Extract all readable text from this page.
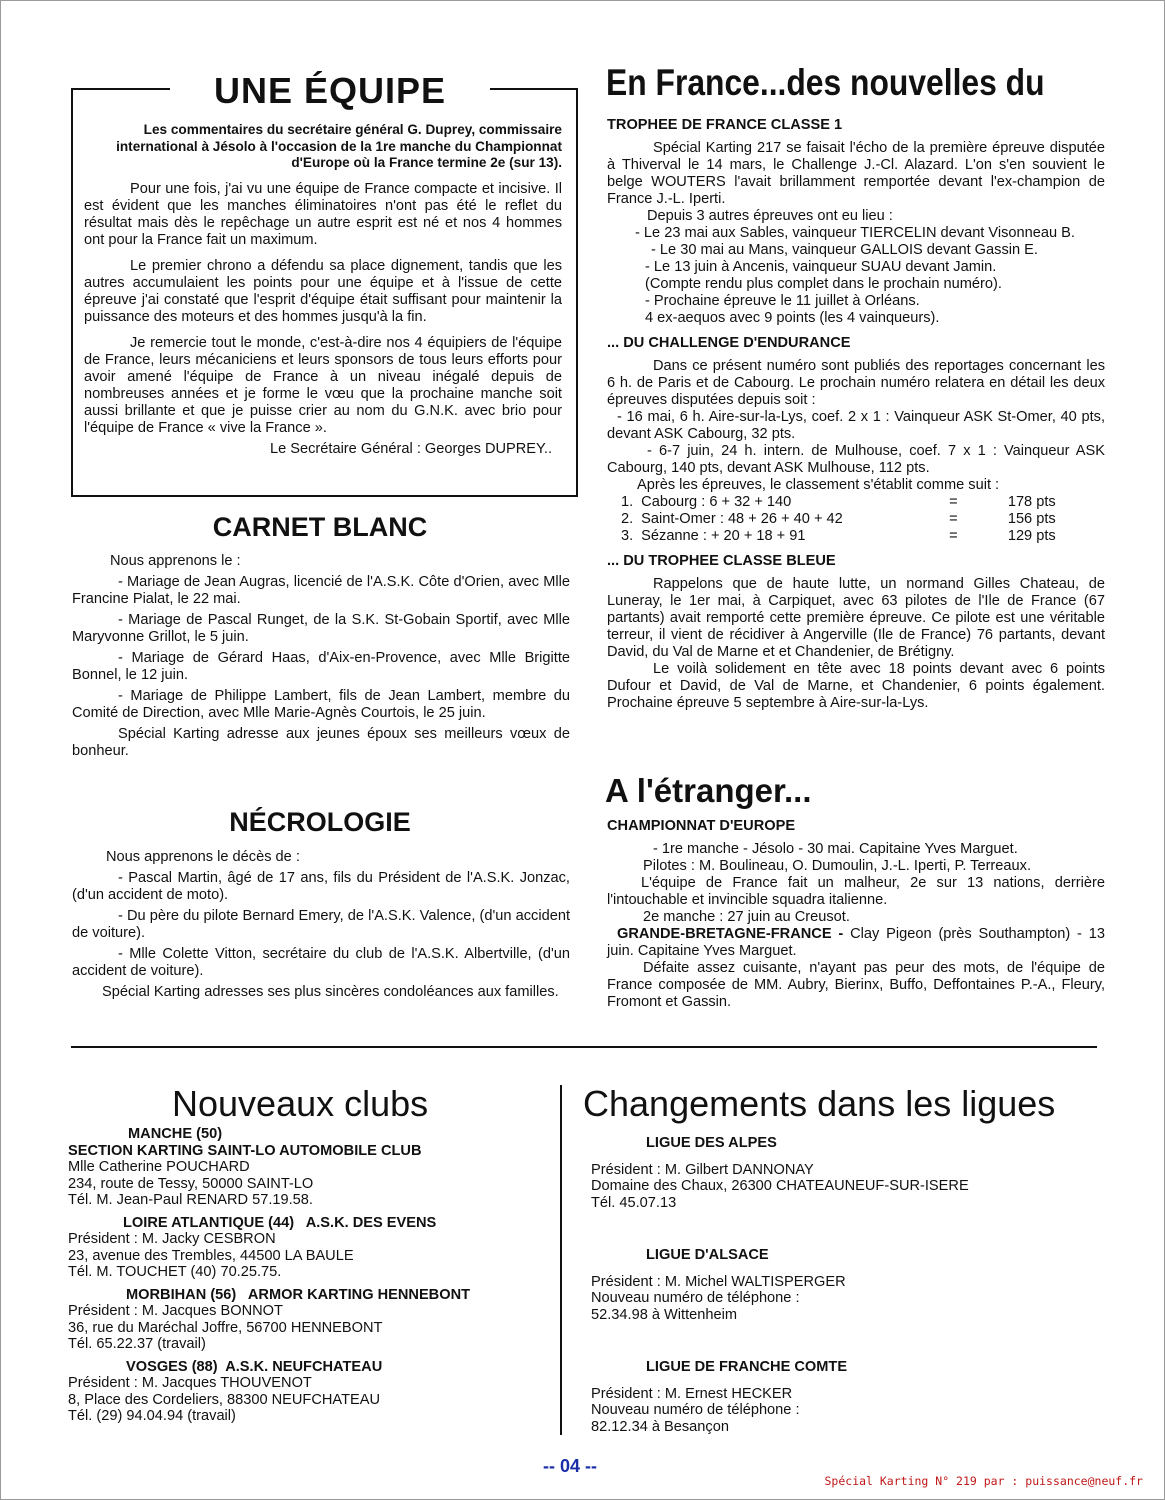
UNE ÉQUIPE

Les commentaires du secrétaire général G. Duprey, commissaire international à Jésolo à l'occasion de la 1re manche du Championnat d'Europe où la France termine 2e (sur 13).

Pour une fois, j'ai vu une équipe de France compacte et incisive. Il est évident que les manches éliminatoires n'ont pas été le reflet du résultat mais dès le repêchage un autre esprit est né et nos 4 hommes ont pour la France fait un maximum.

Le premier chrono a défendu sa place dignement, tandis que les autres accumulaient les points pour une équipe et à l'issue de cette épreuve j'ai constaté que l'esprit d'équipe était suffisant pour maintenir la puissance des moteurs et des hommes jusqu'à la fin.

Je remercie tout le monde, c'est-à-dire nos 4 équipiers de l'équipe de France, leurs mécaniciens et leurs sponsors de tous leurs efforts pour avoir amené l'équipe de France à un niveau inégalé depuis de nombreuses années et je forme le vœu que la prochaine manche soit aussi brillante et que je puisse crier au nom du G.N.K. avec brio pour l'équipe de France « vive la France ».

Le Secrétaire Général : Georges DUPREY..

CARNET BLANC

Nous apprenons le :

- Mariage de Jean Augras, licencié de l'A.S.K. Côte d'Orien, avec Mlle Francine Pialat, le 22 mai.

- Mariage de Pascal Runget, de la S.K. St-Gobain Sportif, avec Mlle Maryvonne Grillot, le 5 juin.

- Mariage de Gérard Haas, d'Aix-en-Provence, avec Mlle Brigitte Bonnel, le 12 juin.

- Mariage de Philippe Lambert, fils de Jean Lambert, membre du Comité de Direction, avec Mlle Marie-Agnès Courtois, le 25 juin.

Spécial Karting adresse aux jeunes époux ses meilleurs vœux de bonheur.

NÉCROLOGIE

Nous apprenons le décès de :

- Pascal Martin, âgé de 17 ans, fils du Président de l'A.S.K. Jonzac, (d'un accident de moto).

- Du père du pilote Bernard Emery, de l'A.S.K. Valence, (d'un accident de voiture).

- Mlle Colette Vitton, secrétaire du club de l'A.S.K. Albertville, (d'un accident de voiture).

Spécial Karting adresses ses plus sincères condoléances aux familles.

En France...des nouvelles du

TROPHEE DE FRANCE CLASSE 1

Spécial Karting 217 se faisait l'écho de la première épreuve disputée à Thiverval le 14 mars, le Challenge J.-Cl. Alazard. L'on s'en souvient le belge WOUTERS l'avait brillamment remportée devant l'ex-champion de France J.-L. Iperti.

Depuis 3 autres épreuves ont eu lieu :

- Le 23 mai aux Sables, vainqueur TIERCELIN devant Visonneau B.

- Le 30 mai au Mans, vainqueur GALLOIS devant Gassin E.

- Le 13 juin à Ancenis, vainqueur SUAU devant Jamin.

(Compte rendu plus complet dans le prochain numéro).

- Prochaine épreuve le 11 juillet à Orléans.

4 ex-aequos avec 9 points (les 4 vainqueurs).

... DU CHALLENGE D'ENDURANCE

Dans ce présent numéro sont publiés des reportages concernant les 6 h. de Paris et de Cabourg. Le prochain numéro relatera en détail les deux épreuves disputées depuis soit :

- 16 mai, 6 h. Aire-sur-la-Lys, coef. 2 x 1 : Vainqueur ASK St-Omer, 40 pts, devant ASK Cabourg, 32 pts.

- 6-7 juin, 24 h. intern. de Mulhouse, coef. 7 x 1 : Vainqueur ASK Cabourg, 140 pts, devant ASK Mulhouse, 112 pts.

Après les épreuves, le classement s'établit comme suit :

1.	Cabourg : 6 + 32 + 140	=	178 pts
2.	Saint-Omer : 48 + 26 + 40 + 42	=	156 pts
3.	Sézanne : + 20 + 18 + 91	=	129 pts

... DU TROPHEE CLASSE BLEUE

Rappelons que de haute lutte, un normand Gilles Chateau, de Luneray, le 1er mai, à Carpiquet, avec 63 pilotes de l'Ile de France (67 partants) avait remporté cette première épreuve. Ce pilote est une véritable terreur, il vient de récidiver à Angerville (Ile de France) 76 partants, devant David, du Val de Marne et et Chandenier, de Brétigny.

Le voilà solidement en tête avec 18 points devant avec 6 points Dufour et David, de Val de Marne, et Chandenier, 6 points également. Prochaine épreuve 5 septembre à Aire-sur-la-Lys.

A l'étranger...

CHAMPIONNAT D'EUROPE

- 1re manche - Jésolo - 30 mai. Capitaine Yves Marguet.

Pilotes : M. Boulineau, O. Dumoulin, J.-L. Iperti, P. Terreaux.

L'équipe de France fait un malheur, 2e sur 13 nations, derrière l'intouchable et invincible squadra italienne.

2e manche : 27 juin au Creusot.

GRANDE-BRETAGNE-FRANCE - Clay Pigeon (près Southampton) - 13 juin. Capitaine Yves Marguet.

Défaite assez cuisante, n'ayant pas peur des mots, de l'équipe de France composée de MM. Aubry, Bierinx, Buffo, Deffontaines P.-A., Fleury, Fromont et Gassin.

Nouveaux clubs

MANCHE (50)

SECTION KARTING SAINT-LO AUTOMOBILE CLUB

Mlle Catherine POUCHARD

234, route de Tessy, 50000 SAINT-LO

Tél. M. Jean-Paul RENARD 57.19.58.

LOIRE ATLANTIQUE (44)   A.S.K. DES EVENS

Président : M. Jacky CESBRON

23, avenue des Trembles, 44500 LA BAULE

Tél. M. TOUCHET (40) 70.25.75.

MORBIHAN (56)   ARMOR KARTING HENNEBONT

Président : M. Jacques BONNOT

36, rue du Maréchal Joffre, 56700 HENNEBONT

Tél. 65.22.37 (travail)

VOSGES (88)  A.S.K. NEUFCHATEAU

Président : M. Jacques THOUVENOT

8, Place des Cordeliers, 88300 NEUFCHATEAU

Tél. (29) 94.04.94 (travail)

Changements dans les ligues

LIGUE DES ALPES

Président : M. Gilbert DANNONAY

Domaine des Chaux, 26300 CHATEAUNEUF-SUR-ISERE

Tél. 45.07.13

LIGUE D'ALSACE

Président : M. Michel WALTISPERGER

Nouveau numéro de téléphone :

52.34.98 à Wittenheim

LIGUE DE FRANCHE COMTE

Président : M. Ernest HECKER

Nouveau numéro de téléphone :

82.12.34 à Besançon

-- 04 --
Spécial Karting N° 219 par : puissance@neuf.fr
